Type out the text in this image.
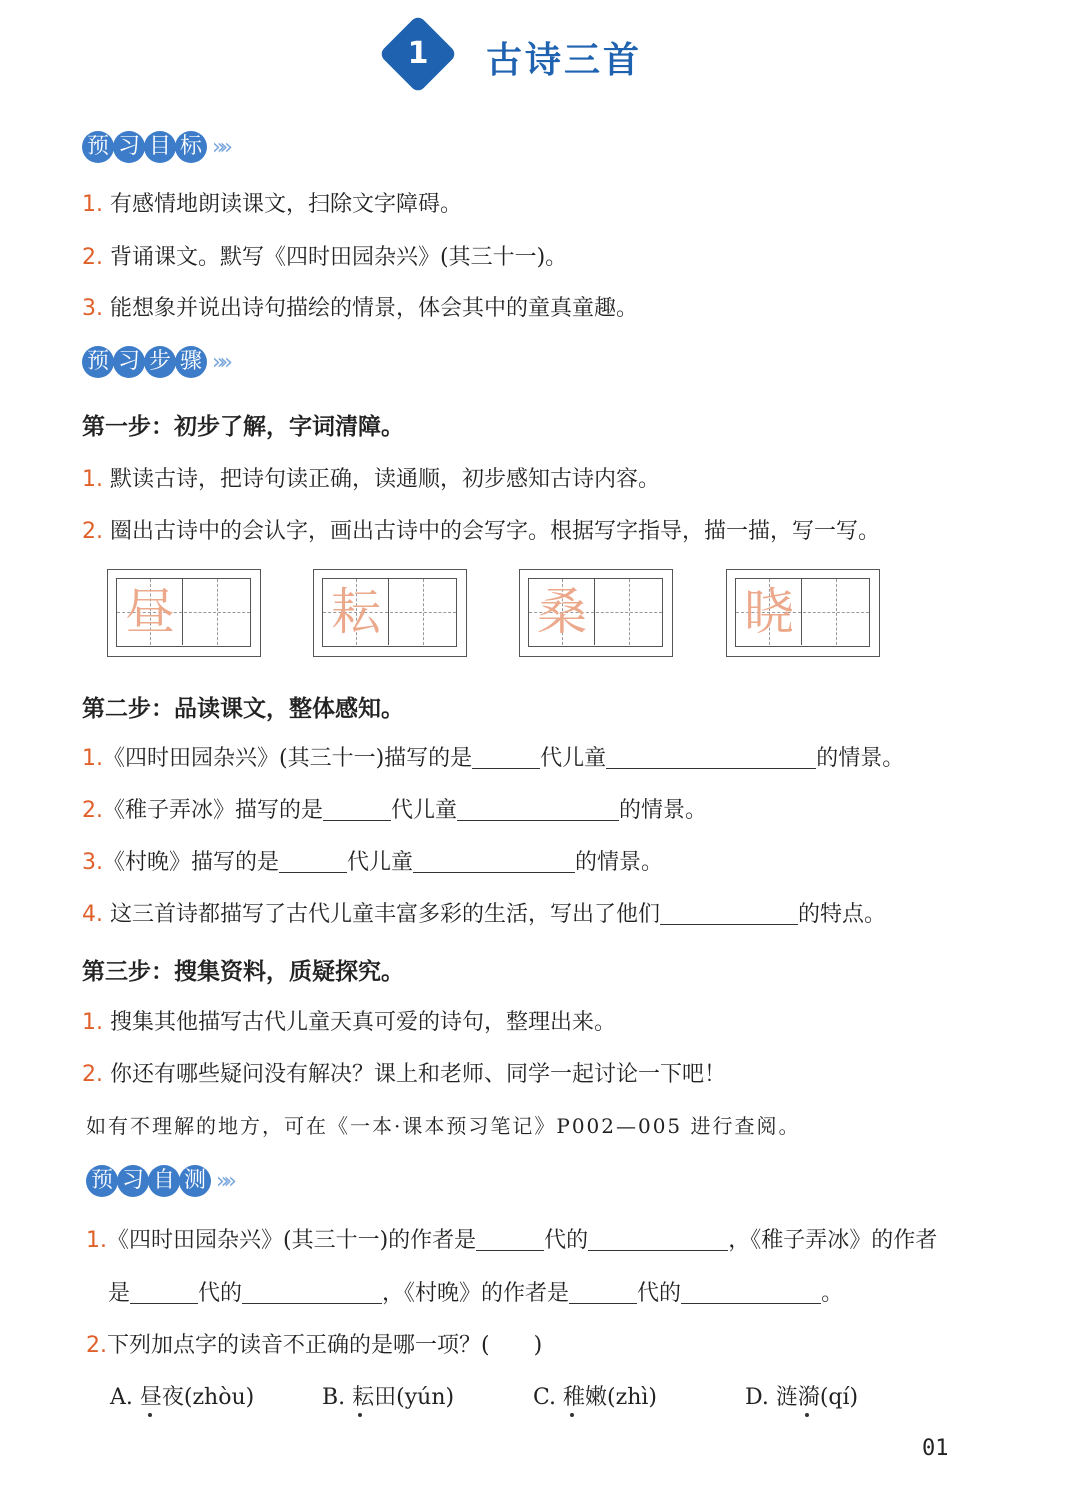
1	古诗三首
预 习 目 标 »»
1. 有感情地朗读课文，扫除文字障碍。
2. 背诵课文。默写《四时田园杂兴》(其三十一)。
3. 能想象并说出诗句描绘的情景，体会其中的童真童趣。
预 习 步 骤 »»
第一步：初步了解，字词清障。
1. 默读古诗，把诗句读正确，读通顺，初步感知古诗内容。
2. 圈出古诗中的会认字，画出古诗中的会写字。根据写字指导，描一描，写一写。
昼	耘	桑	晓
第二步：品读课文，整体感知。
1.《四时田园杂兴》(其三十一)描写的是	代儿童	的情景。
2.《稚子弄冰》描写的是	代儿童	的情景。
3.《村晚》描写的是	代儿童	的情景。
4. 这三首诗都描写了古代儿童丰富多彩的生活，写出了他们	的特点。
第三步：搜集资料，质疑探究。
1. 搜集其他描写古代儿童天真可爱的诗句，整理出来。
2. 你还有哪些疑问没有解决？课上和老师、同学一起讨论一下吧！
如有不理解的地方，可在《一本·课本预习笔记》P002—005 进行查阅。
预 习 自 测 »»
1.《四时田园杂兴》(其三十一)的作者是	代的	，《稚子弄冰》的作者
是	代的	，《村晚》的作者是	代的	。
2.下列加点字的读音不正确的是哪一项？(　　)
A. 昼夜(zhòu)	B. 耘田(yún)	C. 稚嫩(zhì)	D. 涟漪(qí)
01
